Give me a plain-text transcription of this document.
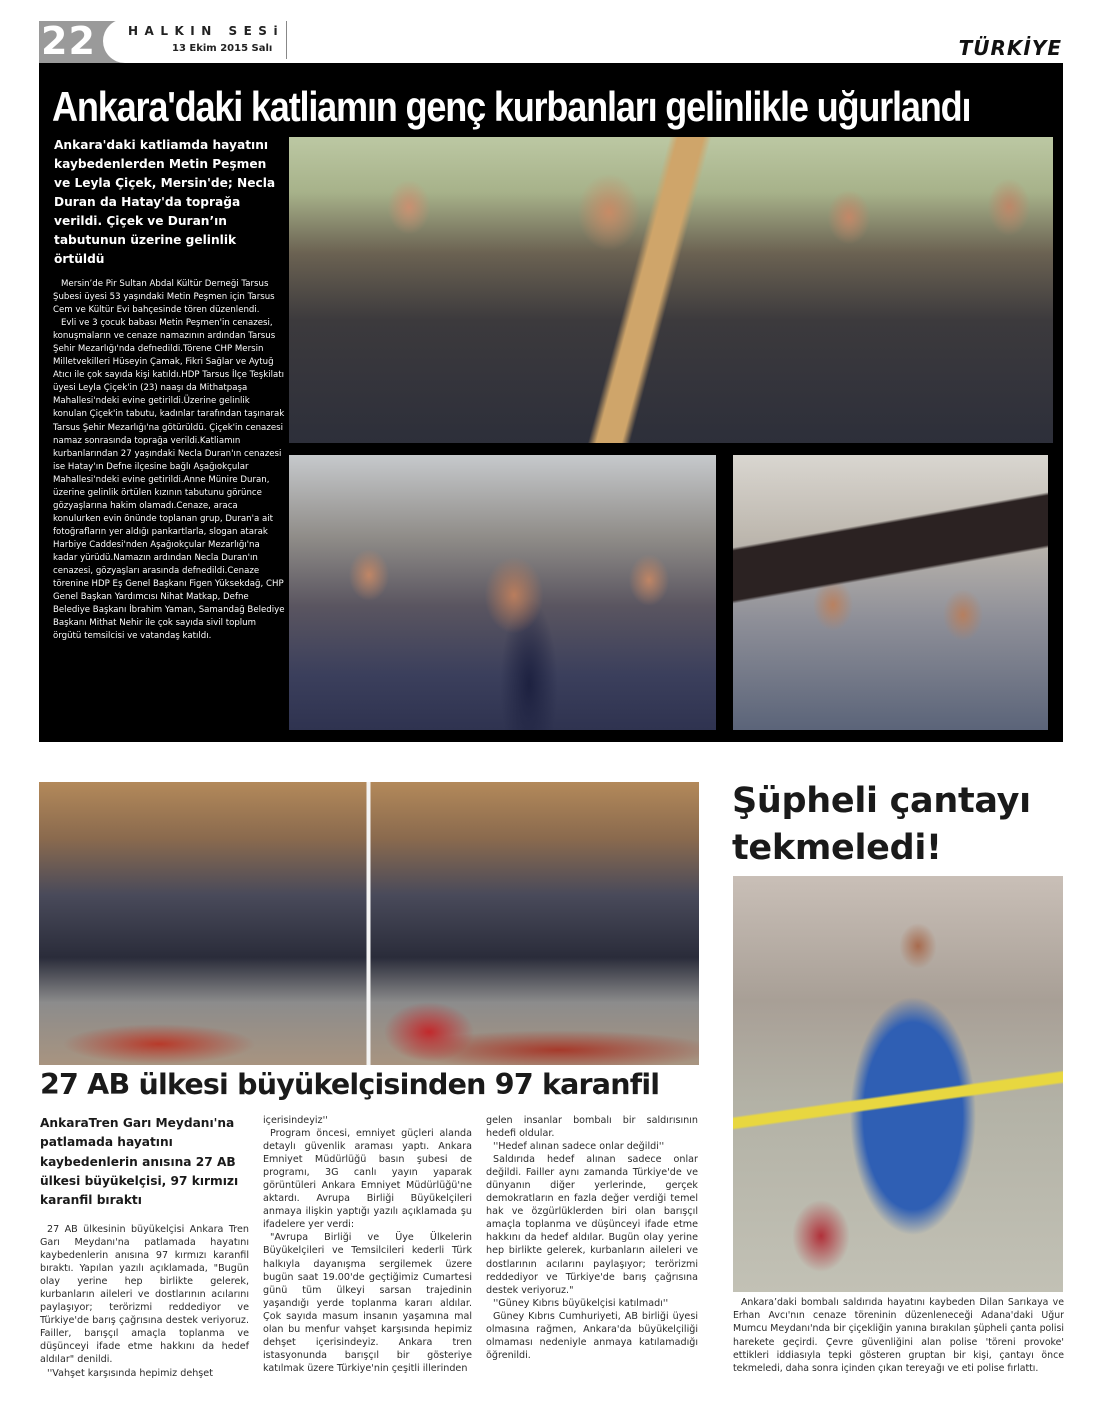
22	HALKIN SESi
13 Ekim 2015 Salı	TÜRKİYE
Ankara'daki katliamın genç kurbanları gelinlikle uğurlandı
Ankara'daki katliamda hayatını kaybedenlerden Metin Peşmen ve Leyla Çiçek, Mersin'de; Necla Duran da Hatay'da toprağa verildi. Çiçek ve Duran’ın tabutunun üzerine gelinlik örtüldü

Mersin’de Pir Sultan Abdal Kültür Derneği Tarsus Şubesi üyesi 53 yaşındaki Metin Peşmen için Tarsus Cem ve Kültür Evi bahçesinde tören düzenlendi.

Evli ve 3 çocuk babası Metin Peşmen'in cenazesi, konuşmaların ve cenaze namazının ardından Tarsus Şehir Mezarlığı'nda defnedildi.Törene CHP Mersin Milletvekilleri Hüseyin Çamak, Fikri Sağlar ve Aytuğ Atıcı ile çok sayıda kişi katıldı.HDP Tarsus İlçe Teşkilatı üyesi Leyla Çiçek'in (23) naaşı da Mithatpaşa Mahallesi'ndeki evine getirildi.Üzerine gelinlik konulan Çiçek'in tabutu, kadınlar tarafından taşınarak Tarsus Şehir Mezarlığı'na götürüldü. Çiçek'in cenazesi namaz sonrasında toprağa verildi.Katliamın kurbanlarından 27 yaşındaki Necla Duran'ın cenazesi ise Hatay'ın Defne ilçesine bağlı Aşağıokçular Mahallesi'ndeki evine getirildi.Anne Münire Duran, üzerine gelinlik örtülen kızının tabutunu görünce gözyaşlarına hakim olamadı.Cenaze, araca konulurken evin önünde toplanan grup, Duran'a ait fotoğrafların yer aldığı pankartlarla, slogan atarak Harbiye Caddesi'nden Aşağıokçular Mezarlığı'na kadar yürüdü.Namazın ardından Necla Duran'ın cenazesi, gözyaşları arasında defnedildi.Cenaze törenine HDP Eş Genel Başkanı Figen Yüksekdağ, CHP Genel Başkan Yardımcısı Nihat Matkap, Defne Belediye Başkanı İbrahim Yaman, Samandağ Belediye Başkanı Mithat Nehir ile çok sayıda sivil toplum örgütü temsilcisi ve vatandaş katıldı.

27 AB ülkesi büyükelçisinden 97 karanfil
AnkaraTren Garı Meydanı'na patlamada hayatını kaybedenlerin anısına 27 AB ülkesi büyükelçisi, 97 kırmızı karanfil bıraktı

27 AB ülkesinin büyükelçisi Ankara Tren Garı Meydanı'na patlamada hayatını kaybedenlerin anısına 97 kırmızı karanfil bıraktı. Yapılan yazılı açıklamada, "Bugün olay yerine hep birlikte gelerek, kurbanların aileleri ve dostlarının acılarını paylaşıyor; terörizmi reddediyor ve Türkiye'de barış çağrısına destek veriyoruz. Failler, barışçıl amaçla toplanma ve düşünceyi ifade etme hakkını da hedef aldılar" denildi.

''Vahşet karşısında hepimiz dehşet

içerisindeyiz''

Program öncesi, emniyet güçleri alanda detaylı güvenlik araması yaptı. Ankara Emniyet Müdürlüğü basın şubesi de programı, 3G canlı yayın yaparak görüntüleri Ankara Emniyet Müdürlüğü'ne aktardı. Avrupa Birliği Büyükelçileri anmaya ilişkin yaptığı yazılı açıklamada şu ifadelere yer verdi:

"Avrupa Birliği ve Üye Ülkelerin Büyükelçileri ve Temsilcileri kederli Türk halkıyla dayanışma sergilemek üzere bugün saat 19.00'de geçtiğimiz Cumartesi günü tüm ülkeyi sarsan trajedinin yaşandığı yerde toplanma kararı aldılar. Çok sayıda masum insanın yaşamına mal olan bu menfur vahşet karşısında hepimiz dehşet içerisindeyiz. Ankara tren istasyonunda barışçıl bir gösteriye katılmak üzere Türkiye'nin çeşitli illerinden

gelen insanlar bombalı bir saldırısının hedefi oldular.

''Hedef alınan sadece onlar değildi''

Saldırıda hedef alınan sadece onlar değildi. Failler aynı zamanda Türkiye'de ve dünyanın diğer yerlerinde, gerçek demokratların en fazla değer verdiği temel hak ve özgürlüklerden biri olan barışçıl amaçla toplanma ve düşünceyi ifade etme hakkını da hedef aldılar. Bugün olay yerine hep birlikte gelerek, kurbanların aileleri ve dostlarının acılarını paylaşıyor; terörizmi reddediyor ve Türkiye'de barış çağrısına destek veriyoruz."

''Güney Kıbrıs büyükelçisi katılmadı''

Güney Kıbrıs Cumhuriyeti, AB birliği üyesi olmasına rağmen, Ankara'da büyükelçiliği olmaması nedeniyle anmaya katılamadığı öğrenildi.

Şüpheli çantayı
tekmeledi!

Ankara’daki bombalı saldırıda hayatını kaybeden Dilan Sarıkaya ve Erhan Avcı'nın cenaze töreninin düzenleneceği Adana'daki Uğur Mumcu Meydanı'nda bir çiçekliğin yanına bırakılan şüpheli çanta polisi harekete geçirdi. Çevre güvenliğini alan polise 'töreni provoke' ettikleri iddiasıyla tepki gösteren gruptan bir kişi, çantayı önce tekmeledi, daha sonra içinden çıkan tereyağı ve eti polise fırlattı.
